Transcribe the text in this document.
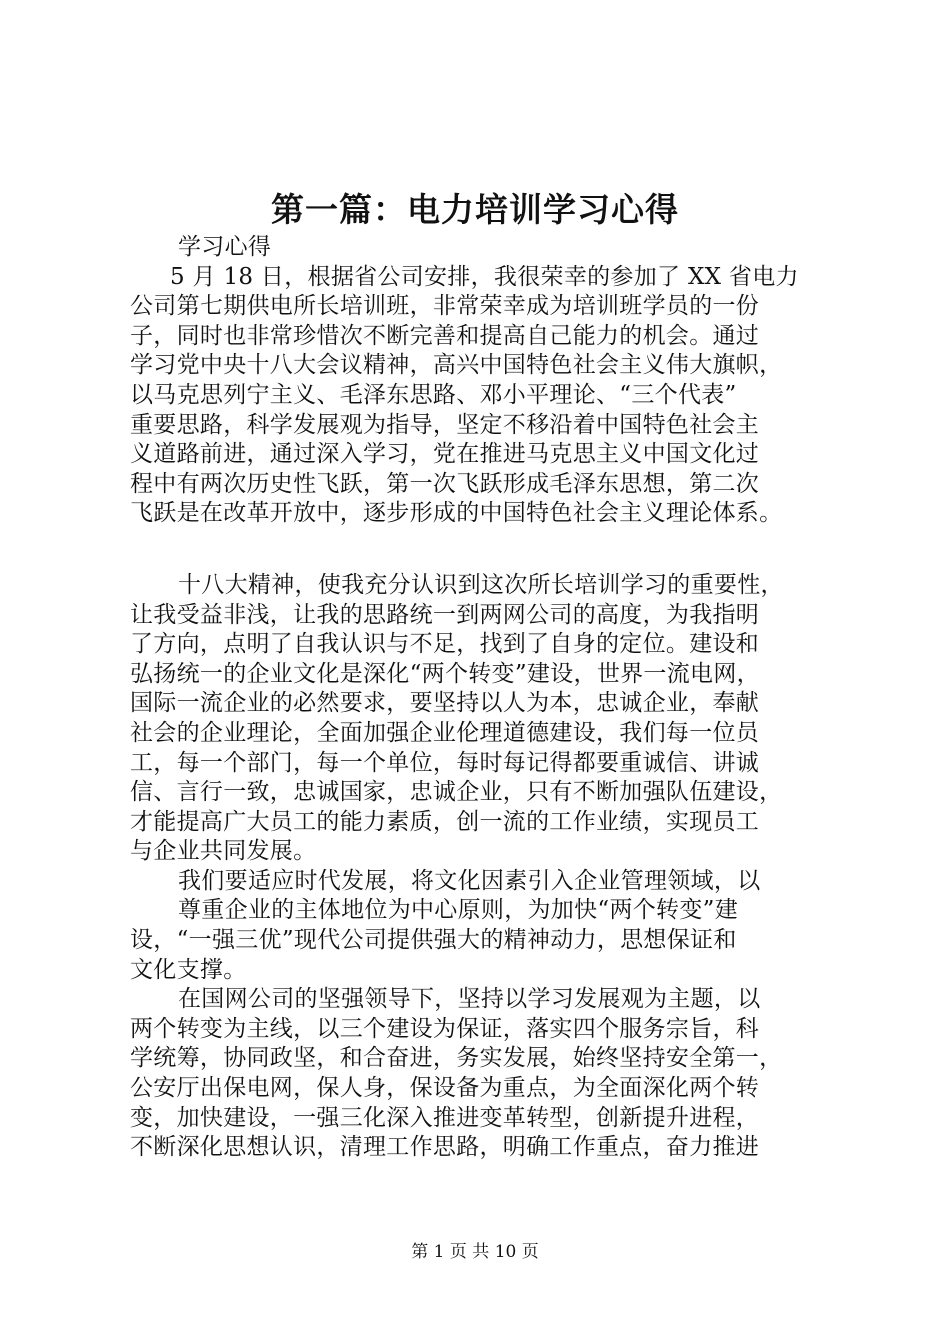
第一篇：电力培训学习心得
学习心得
5 月 18 日，根据省公司安排，我很荣幸的参加了 XX 省电力
公司第七期供电所长培训班，非常荣幸成为培训班学员的一份
子，同时也非常珍惜次不断完善和提高自己能力的机会。通过
学习党中央十八大会议精神，高兴中国特色社会主义伟大旗帜，
以马克思列宁主义、毛泽东思路、邓小平理论、“三个代表”
重要思路，科学发展观为指导，坚定不移沿着中国特色社会主
义道路前进，通过深入学习，党在推进马克思主义中国文化过
程中有两次历史性飞跃，第一次飞跃形成毛泽东思想，第二次
飞跃是在改革开放中，逐步形成的中国特色社会主义理论体系。
十八大精神，使我充分认识到这次所长培训学习的重要性，
让我受益非浅，让我的思路统一到两网公司的高度，为我指明
了方向，点明了自我认识与不足，找到了自身的定位。建设和
弘扬统一的企业文化是深化“两个转变”建设，世界一流电网，
国际一流企业的必然要求，要坚持以人为本，忠诚企业，奉献
社会的企业理论，全面加强企业伦理道德建设，我们每一位员
工，每一个部门，每一个单位，每时每记得都要重诚信、讲诚
信、言行一致，忠诚国家，忠诚企业，只有不断加强队伍建设，
才能提高广大员工的能力素质，创一流的工作业绩，实现员工
与企业共同发展。
我们要适应时代发展，将文化因素引入企业管理领域，以
尊重企业的主体地位为中心原则，为加快“两个转变”建
设，“一强三优”现代公司提供强大的精神动力，思想保证和
文化支撑。
在国网公司的坚强领导下，坚持以学习发展观为主题，以
两个转变为主线，以三个建设为保证，落实四个服务宗旨，科
学统筹，协同政坚，和合奋进，务实发展，始终坚持安全第一，
公安厅出保电网，保人身，保设备为重点，为全面深化两个转
变，加快建设，一强三化深入推进变革转型，创新提升进程，
不断深化思想认识，清理工作思路，明确工作重点，奋力推进
第 1 页 共 10 页
